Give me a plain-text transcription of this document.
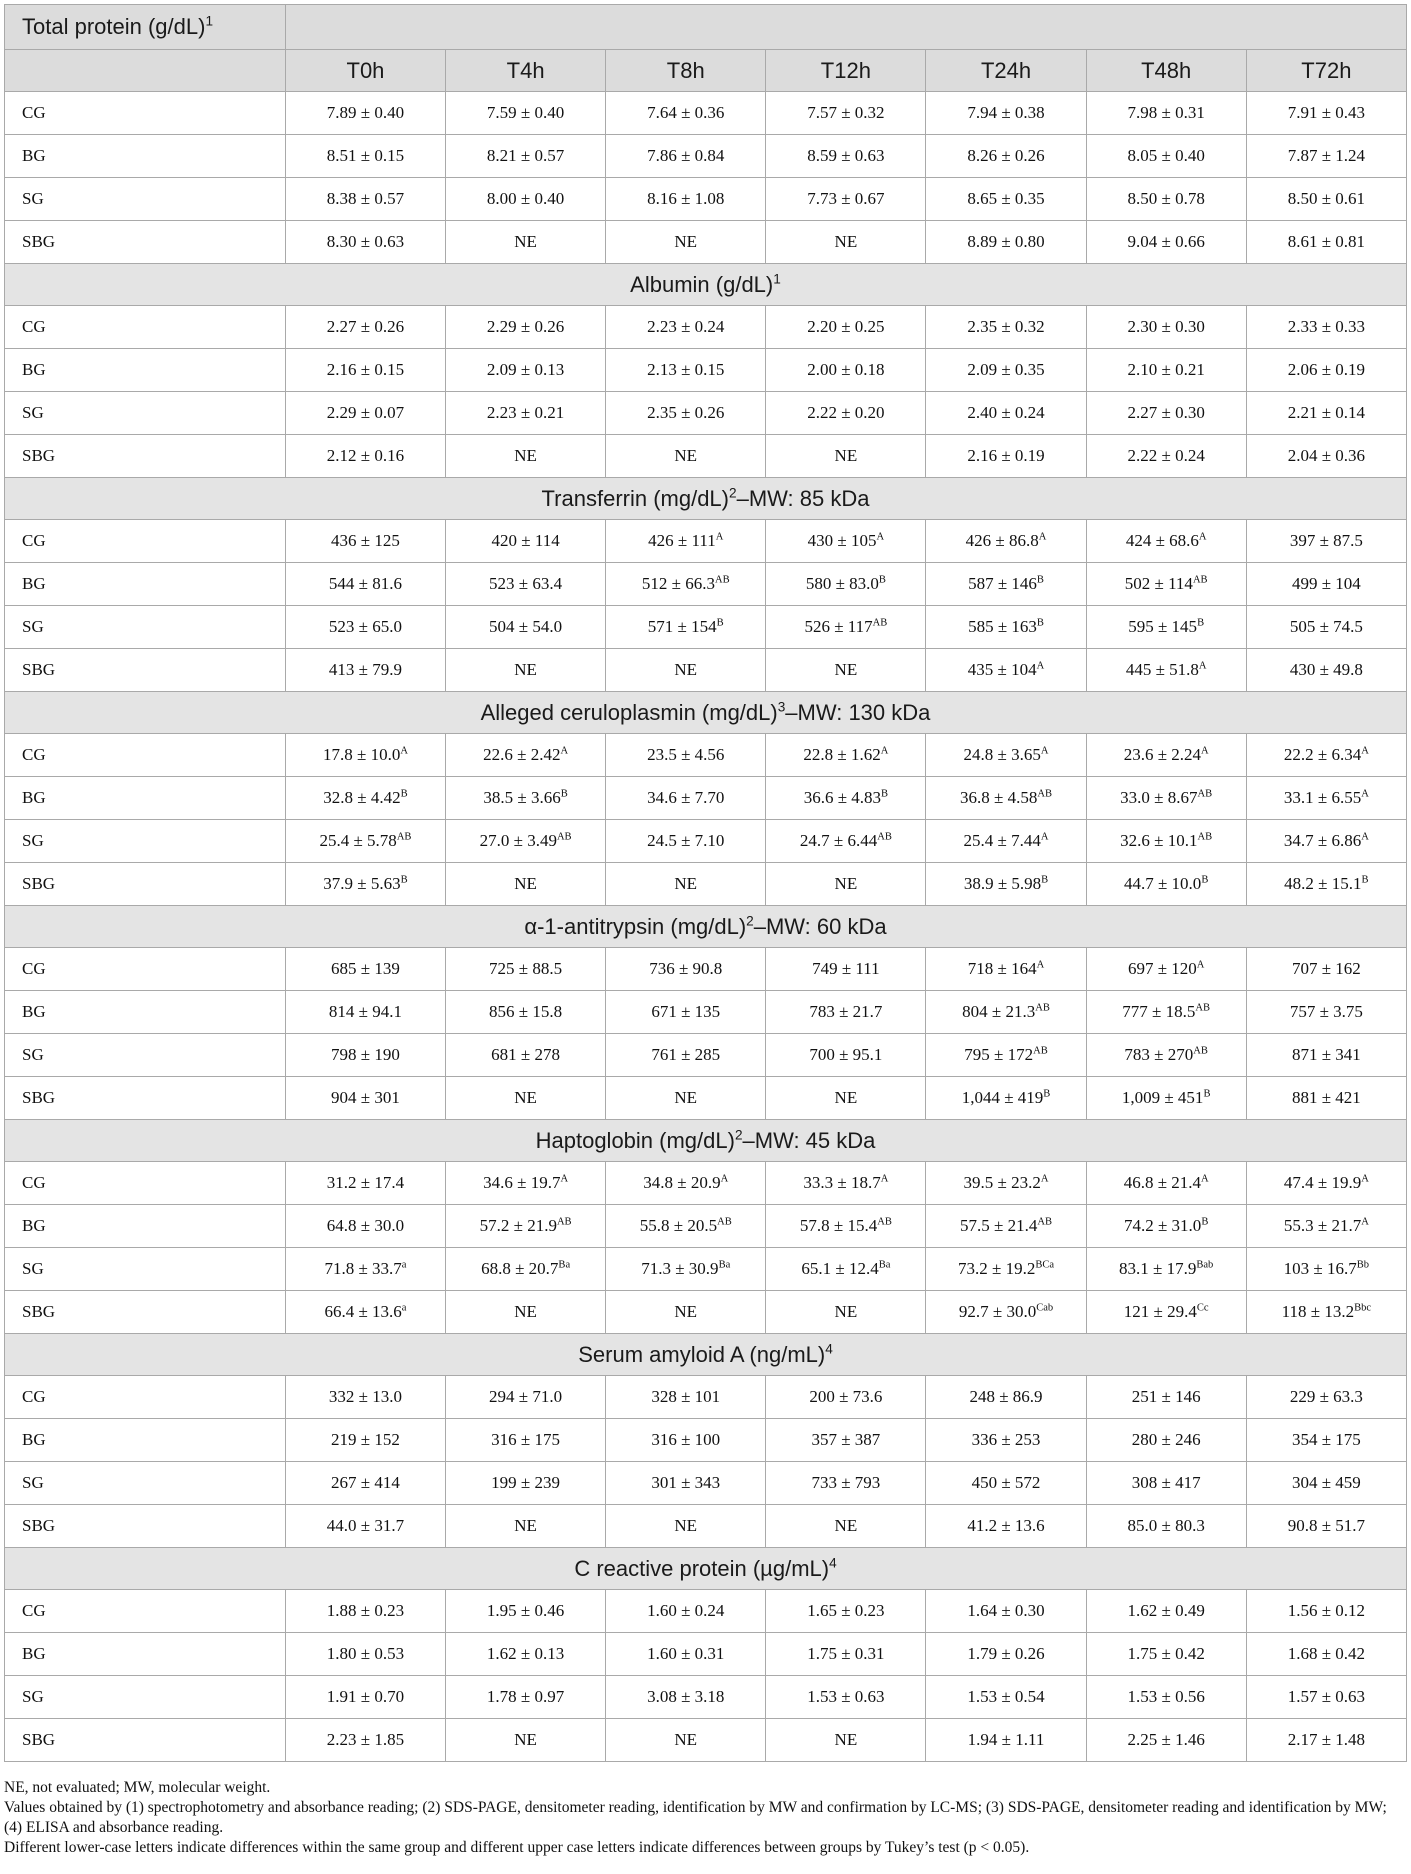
Total protein $(g/dL)^1$	
	T0h	T4h	T8h	T12h	T24h	T48h	T72h
CG	7.89 ± 0.40	7.59 ± 0.40	7.64 ± 0.36	7.57 ± 0.32	7.94 ± 0.38	7.98 ± 0.31	7.91 ± 0.43
BG	8.51 ± 0.15	8.21 ± 0.57	7.86 ± 0.84	8.59 ± 0.63	8.26 ± 0.26	8.05 ± 0.40	7.87 ± 1.24
SG	8.38 ± 0.57	8.00 ± 0.40	8.16 ± 1.08	7.73 ± 0.67	8.65 ± 0.35	8.50 ± 0.78	8.50 ± 0.61
SBG	8.30 ± 0.63	NE	NE	NE	8.89 ± 0.80	9.04 ± 0.66	8.61 ± 0.81
Albumin $(g/dL)^1$
CG	2.27 ± 0.26	2.29 ± 0.26	2.23 ± 0.24	2.20 ± 0.25	2.35 ± 0.32	2.30 ± 0.30	2.33 ± 0.33
BG	2.16 ± 0.15	2.09 ± 0.13	2.13 ± 0.15	2.00 ± 0.18	2.09 ± 0.35	2.10 ± 0.21	2.06 ± 0.19
SG	2.29 ± 0.07	2.23 ± 0.21	2.35 ± 0.26	2.22 ± 0.20	2.40 ± 0.24	2.27 ± 0.30	2.21 ± 0.14
SBG	2.12 ± 0.16	NE	NE	NE	2.16 ± 0.19	2.22 ± 0.24	2.04 ± 0.36
Transferrin $(mg/dL)^2-MW$: 85 kDa							
CG	436 ± 125	420 ± 114	$426 \pm 111^A$	$430 \pm 105^A$	$426 \pm 86.8^A$	$424 \pm 68.6^A$	397 ± 87.5
BG	544 ± 81.6	523 ± 63.4	$512 \pm 66.3^{AB}$	$580 \pm 83.0^B$	$587 \pm 146^B$	$502 \pm 114^{AB}$	499 ± 104
SG	523 ± 65.0	504 ± 54.0	$571 \pm 154^B$	$526 \pm 117^{AB}$	$585 \pm 163^B$	$595 \pm 145^B$	505 ± 74.5
SBG	413 ± 79.9	NE	NE	NE	$435 \pm 104^A$	$445 \pm 51.8^A$	430 ± 49.8
Alleged ceruloplasmin $(mg/dL)^3-MW$: 130 kDa							
CG	$17.8 \pm 10.0^A$	$22.6 \pm 2.42^A$	23.5 ± 4.56	$22.8 \pm 1.62^A$	$24.8 \pm 3.65^A$	$23.6 \pm 2.24^A$	$22.2 \pm 6.34^A$
BG	$32.8 \pm 4.42^B$	$38.5 \pm 3.66^B$	34.6 ± 7.70	$36.6 \pm 4.83^B$	$36.8 \pm 4.58^{AB}$	$33.0 \pm 8.67^{AB}$	$33.1 \pm 6.55^A$
SG	$25.4 \pm 5.78^{AB}$	$27.0 \pm 3.49^{AB}$	24.5 ± 7.10	$24.7 \pm 6.44^{AB}$	$25.4 \pm 7.44^A$	$32.6 \pm 10.1^{AB}$	$34.7 \pm 6.86^A$
SBG	$37.9 \pm 5.63^B$	NE	NE	NE	$38.9 \pm 5.98^B$	$44.7 \pm 10.0^B$	$48.2 \pm 15.1^B$
α-1-antitrypsin $(mg/dL)^2-MW$: 60 kDa							
CG	685 ± 139	725 ± 88.5	736 ± 90.8	749 ± 111	$718 \pm 164^A$	$697 \pm 120^A$	707 ± 162
BG	814 ± 94.1	856 ± 15.8	671 ± 135	783 ± 21.7	$804 \pm 21.3^{AB}$	$777 \pm 18.5^{AB}$	757 ± 3.75
SG	798 ± 190	681 ± 278	761 ± 285	700 ± 95.1	$795 \pm 172^{AB}$	$783 \pm 270^{AB}$	871 ± 341
SBG	904 ± 301	NE	NE	NE	$1,044 \pm 419^B$	$1,009 \pm 451^B$	881 ± 421
Haptoglobin $(mg/dL)^2-MW$: 45 kDa							
CG	31.2 ± 17.4	$34.6 \pm 19.7^A$	$34.8 \pm 20.9^A$	$33.3 \pm 18.7^A$	$39.5 \pm 23.2^A$	$46.8 \pm 21.4^A$	$47.4 \pm 19.9^A$
BG	64.8 ± 30.0	$57.2 \pm 21.9^{AB}$	$55.8 \pm 20.5^{AB}$	$57.8 \pm 15.4^{AB}$	$57.5 \pm 21.4^{AB}$	$74.2 \pm 31.0^B$	$55.3 \pm 21.7^A$
SG	71.8 ± 33.7$^a$	$68.8 \pm 20.7^{Ba}$	$71.3 \pm 30.9^{Ba}$	$65.1 \pm 12.4^{Ba}$	$73.2 \pm 19.2^{BCa}$	$83.1 \pm 17.9^{Bab}$	$103 \pm 16.7^{Bb}$
SBG	66.4 ± 13.6$^a$	NE	NE	NE	$92.7 \pm 30.0^{Cab}$	$121 \pm 29.4^{Cc}$	$118 \pm 13.2^{Bbc}$
Serum amyloid A $(ng/mL)^4$
CG	332 ± 13.0	294 ± 71.0	328 ± 101	200 ± 73.6	248 ± 86.9	251 ± 146	229 ± 63.3
BG	219 ± 152	316 ± 175	316 ± 100	357 ± 387	336 ± 253	280 ± 246	354 ± 175
SG	267 ± 414	199 ± 239	301 ± 343	733 ± 793	450 ± 572	308 ± 417	304 ± 459
SBG	44.0 ± 31.7	NE	NE	NE	41.2 ± 13.6	85.0 ± 80.3	90.8 ± 51.7
C reactive protein $(\mu g/mL)^4$
CG	1.88 ± 0.23	1.95 ± 0.46	1.60 ± 0.24	1.65 ± 0.23	1.64 ± 0.30	1.62 ± 0.49	1.56 ± 0.12
BG	1.80 ± 0.53	1.62 ± 0.13	1.60 ± 0.31	1.75 ± 0.31	1.79 ± 0.26	1.75 ± 0.42	1.68 ± 0.42
SG	1.91 ± 0.70	1.78 ± 0.97	3.08 ± 3.18	1.53 ± 0.63	1.53 ± 0.54	1.53 ± 0.56	1.57 ± 0.63
SBG	2.23 ± 1.85	NE	NE	NE	1.94 ± 1.11	2.25 ± 1.46	2.17 ± 1.48

NE, not evaluated; MW, molecular weight.

Values obtained by (1) spectrophotometry and absorbance reading; (2) SDS-PAGE, densitometer reading, identification by MW and confirmation by LC-MS; (3) SDS-PAGE, densitometer reading and identification by MW; (4) ELISA and absorbance reading.

Different lower-case letters indicate differences within the same group and different upper case letters indicate differences between groups by Tukey’s test (p < 0.05).
